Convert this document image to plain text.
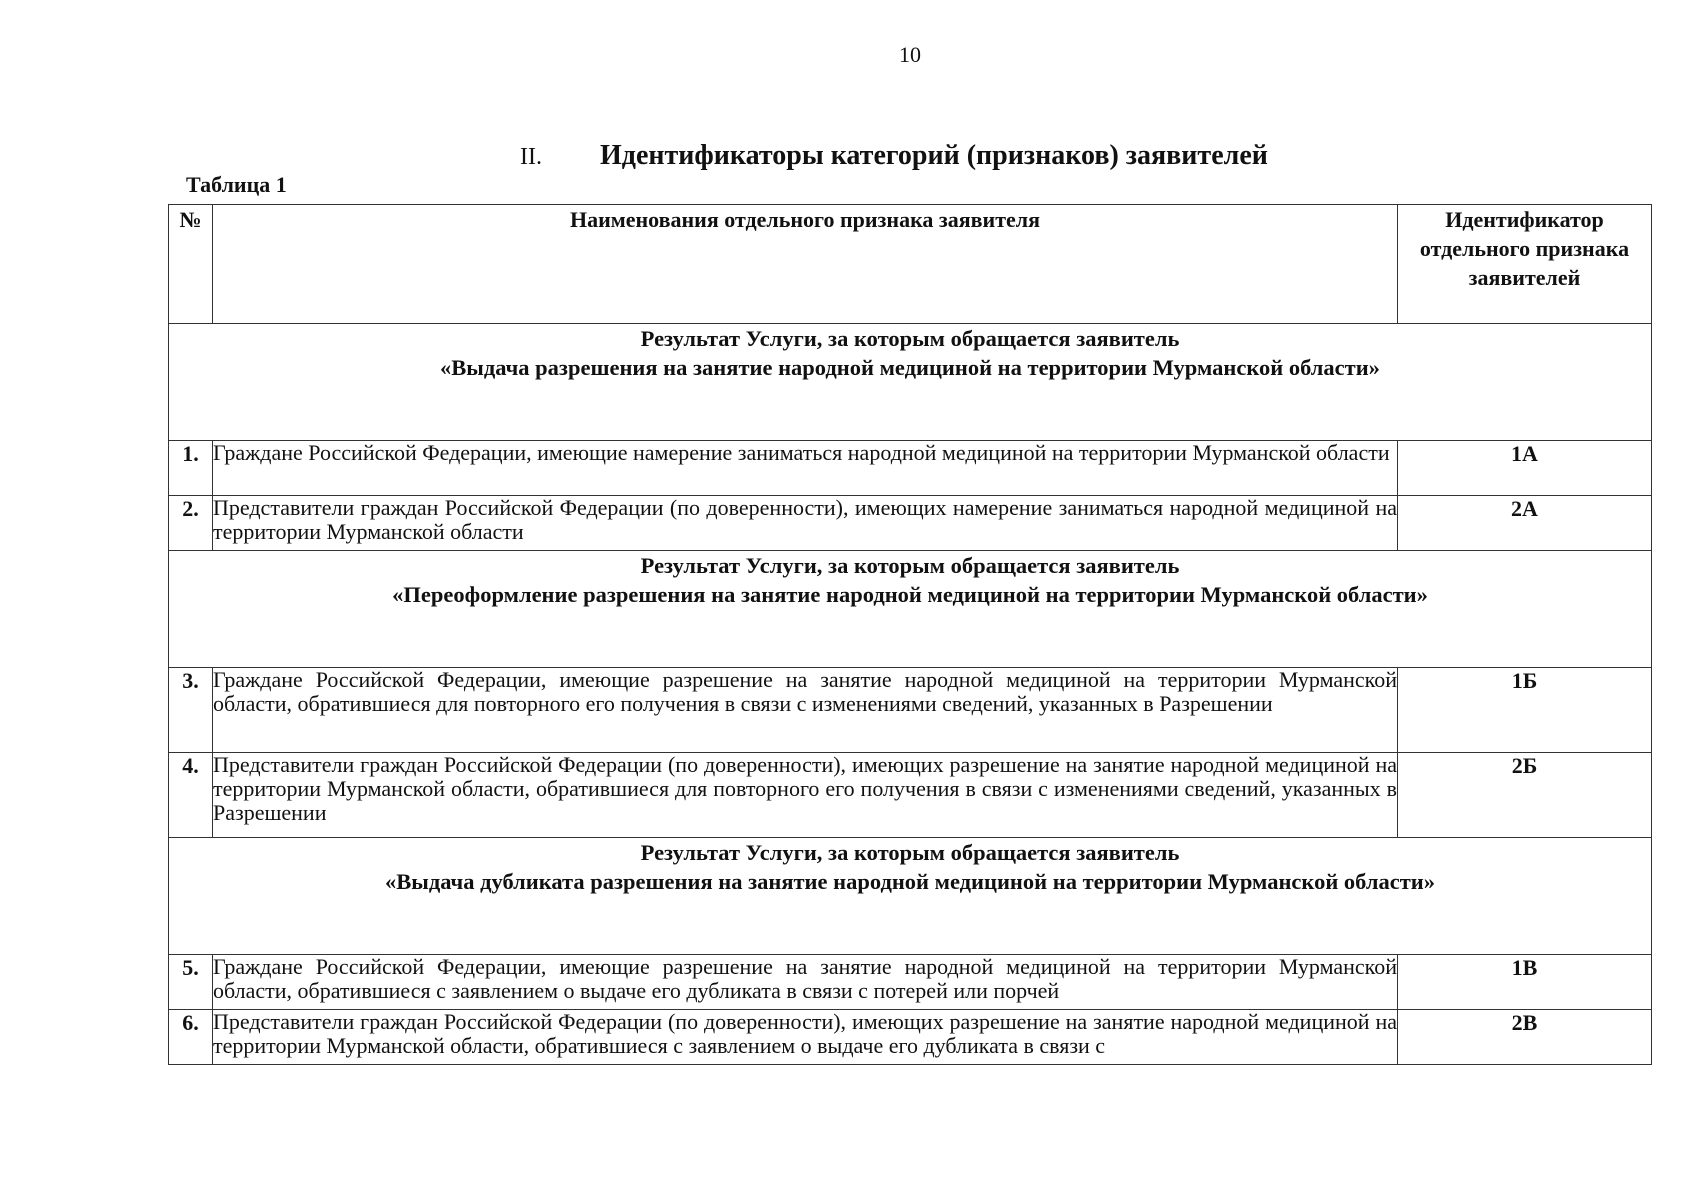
10
II. Идентификаторы категорий (признаков) заявителей
Таблица 1
№	Наименования отдельного признака заявителя	Идентификатор отдельного признака заявителей

Результат Услуги, за которым обращается заявитель
«Выдача разрешения на занятие народной медициной на территории Мурманской области»		

1.	Граждане Российской Федерации, имеющие намерение заниматься народной медициной на территории Мурманской области	1А
2.	Представители граждан Российской Федерации (по доверенности), имеющих намерение заниматься народной медициной на территории Мурманской области	2А

Результат Услуги, за которым обращается заявитель
«Переоформление разрешения на занятие народной медициной на территории Мурманской области»		

3.	Граждане Российской Федерации, имеющие разрешение на занятие народной медициной на территории Мурманской области, обратившиеся для повторного его получения в связи с изменениями сведений, указанных в Разрешении	1Б
4.	Представители граждан Российской Федерации (по доверенности), имеющих разрешение на занятие народной медициной на территории Мурманской области, обратившиеся для повторного его получения в связи с изменениями сведений, указанных в Разрешении	2Б

Результат Услуги, за которым обращается заявитель
«Выдача дубликата разрешения на занятие народной медициной на территории Мурманской области»		

5.	Граждане Российской Федерации, имеющие разрешение на занятие народной медициной на территории Мурманской области, обратившиеся с заявлением о выдаче его дубликата в связи с потерей или порчей	1В
6.	Представители граждан Российской Федерации (по доверенности), имеющих разрешение на занятие народной медициной на территории Мурманской области, обратившиеся с заявлением о выдаче его дубликата в связи с	2В
